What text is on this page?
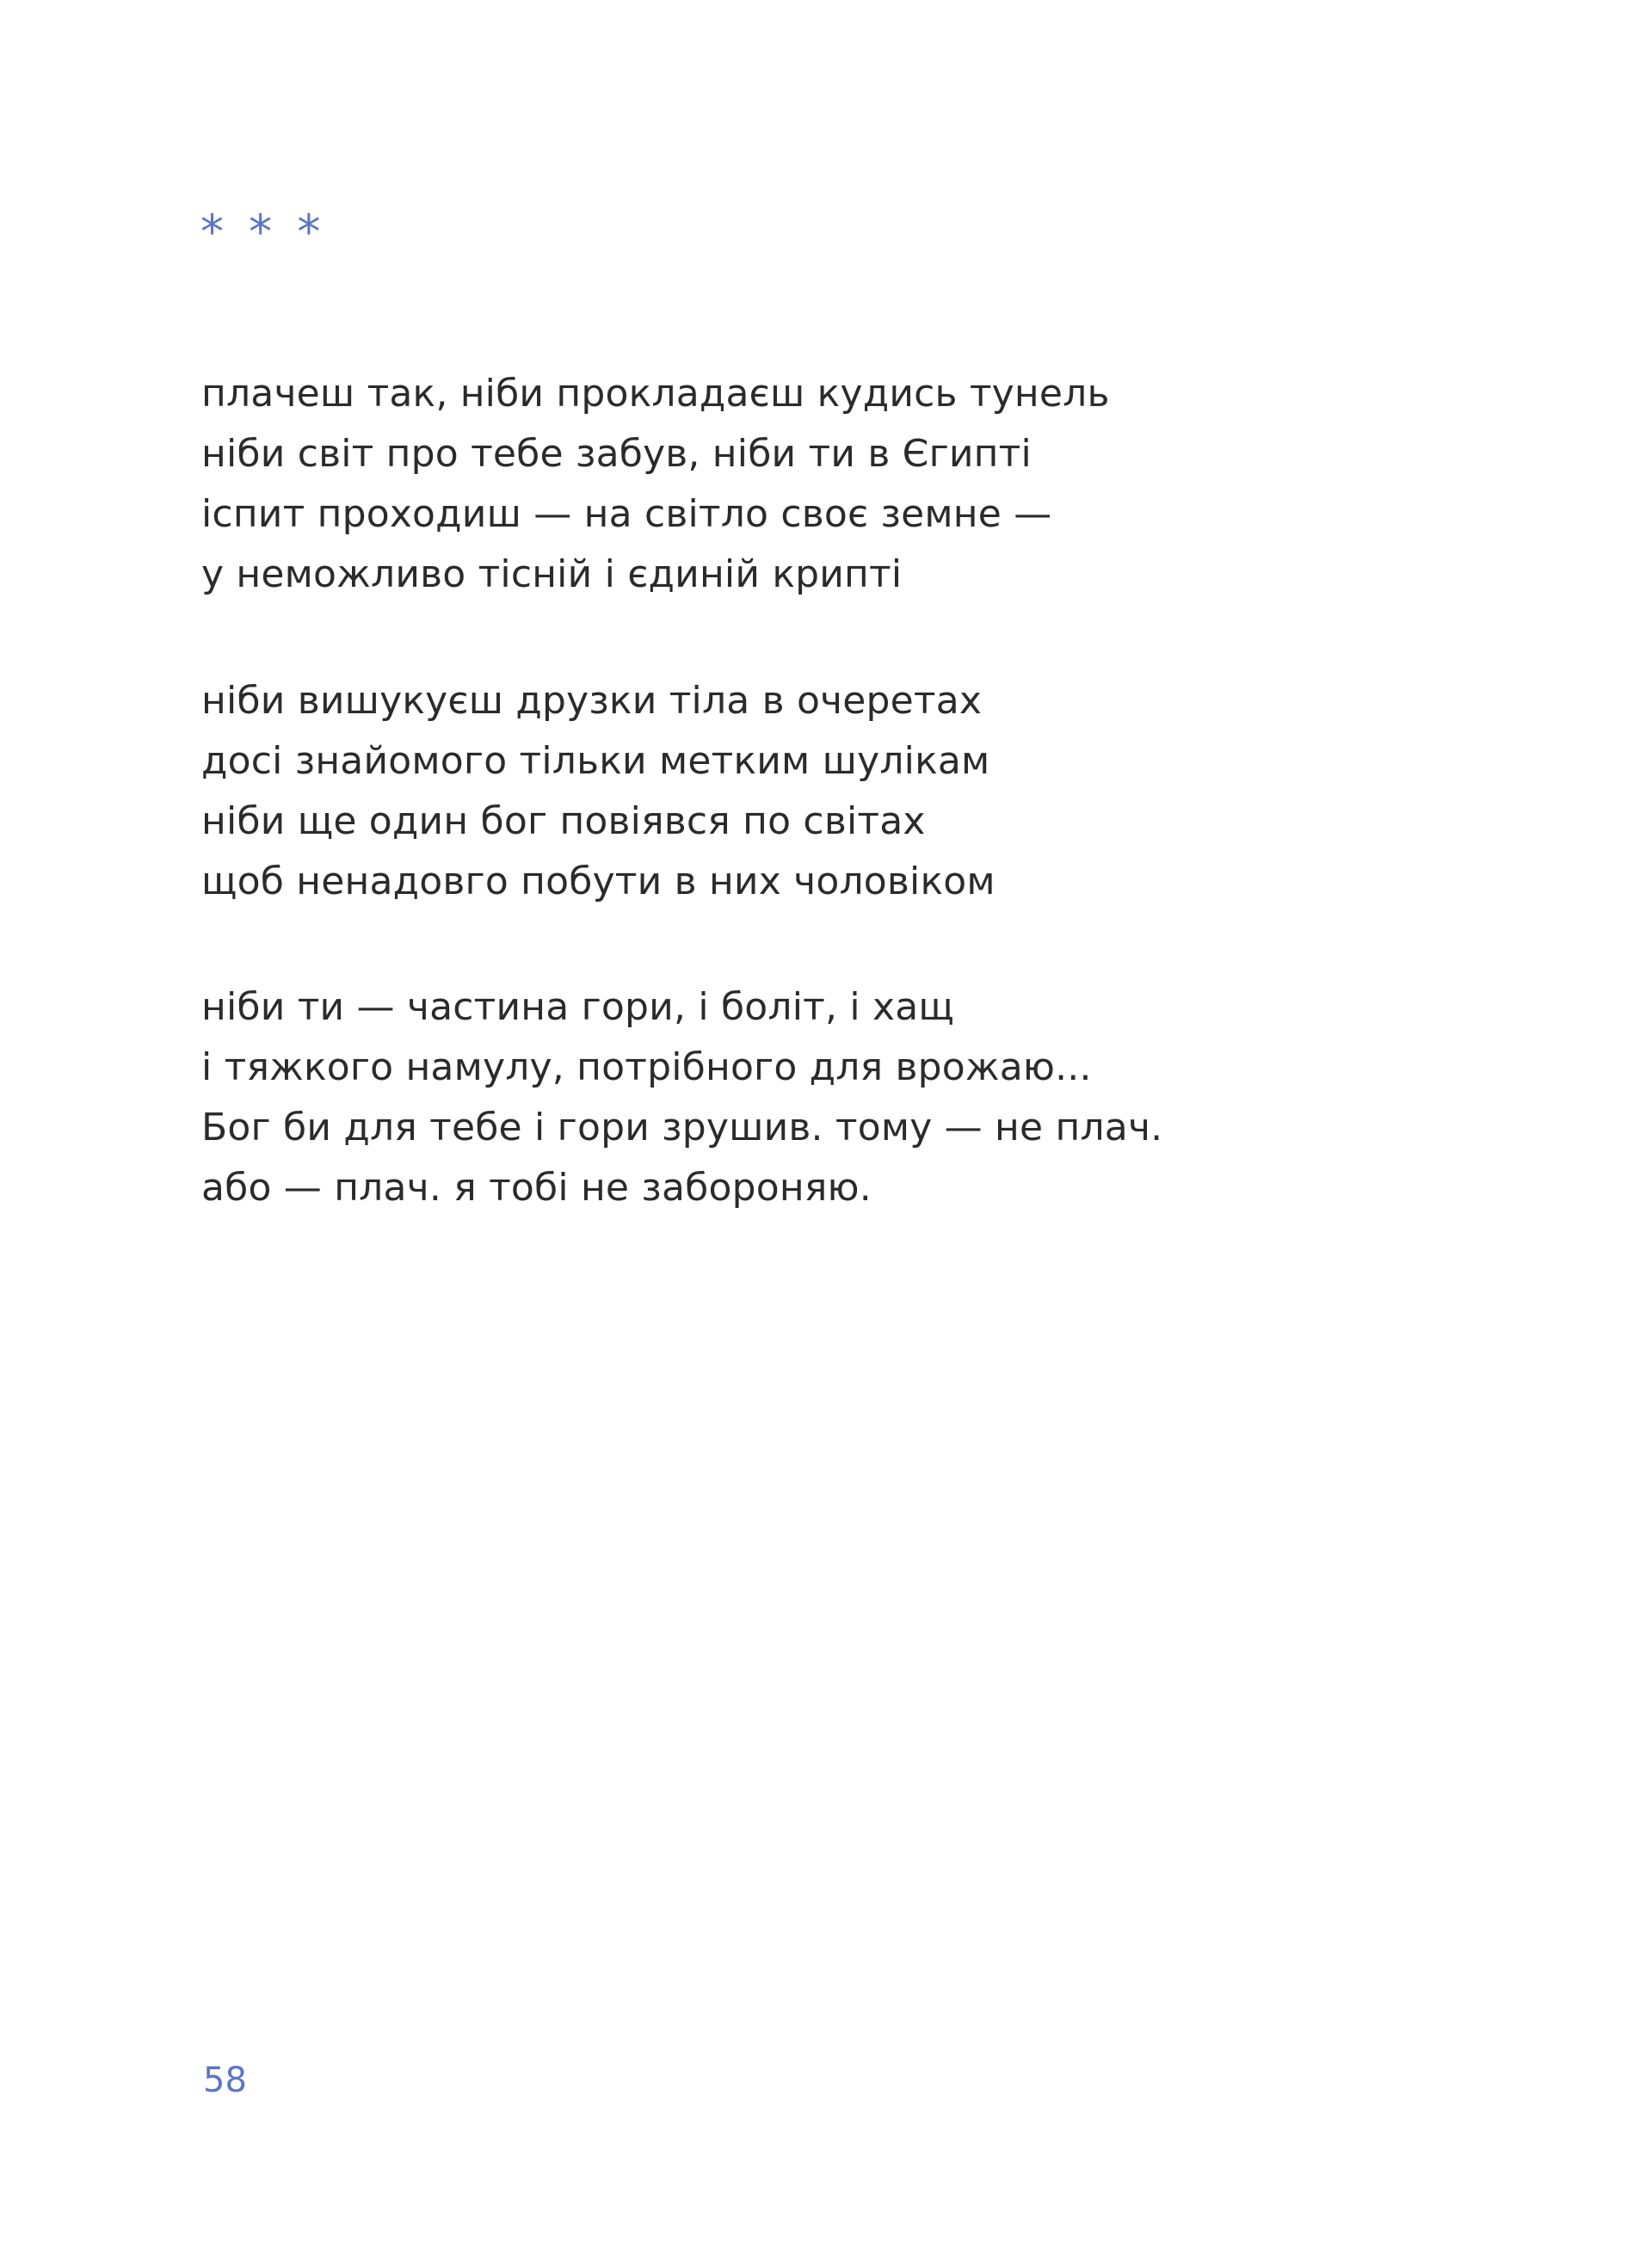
* * *

плачеш так, ніби прокладаєш кудись тунель

ніби світ про тебе забув, ніби ти в Єгипті

іспит проходиш — на світло своє земне —

у неможливо тісній і єдиній крипті

ніби вишукуєш друзки тіла в очеретах

досі знайомого тільки метким шулікам

ніби ще один бог повіявся по світах

щоб ненадовго побути в них чоловіком

ніби ти — частина гори, і боліт, і хащ

і тяжкого намулу, потрібного для врожаю...

Бог би для тебе і гори зрушив. тому — не плач.

або — плач. я тобі не забороняю.

58
